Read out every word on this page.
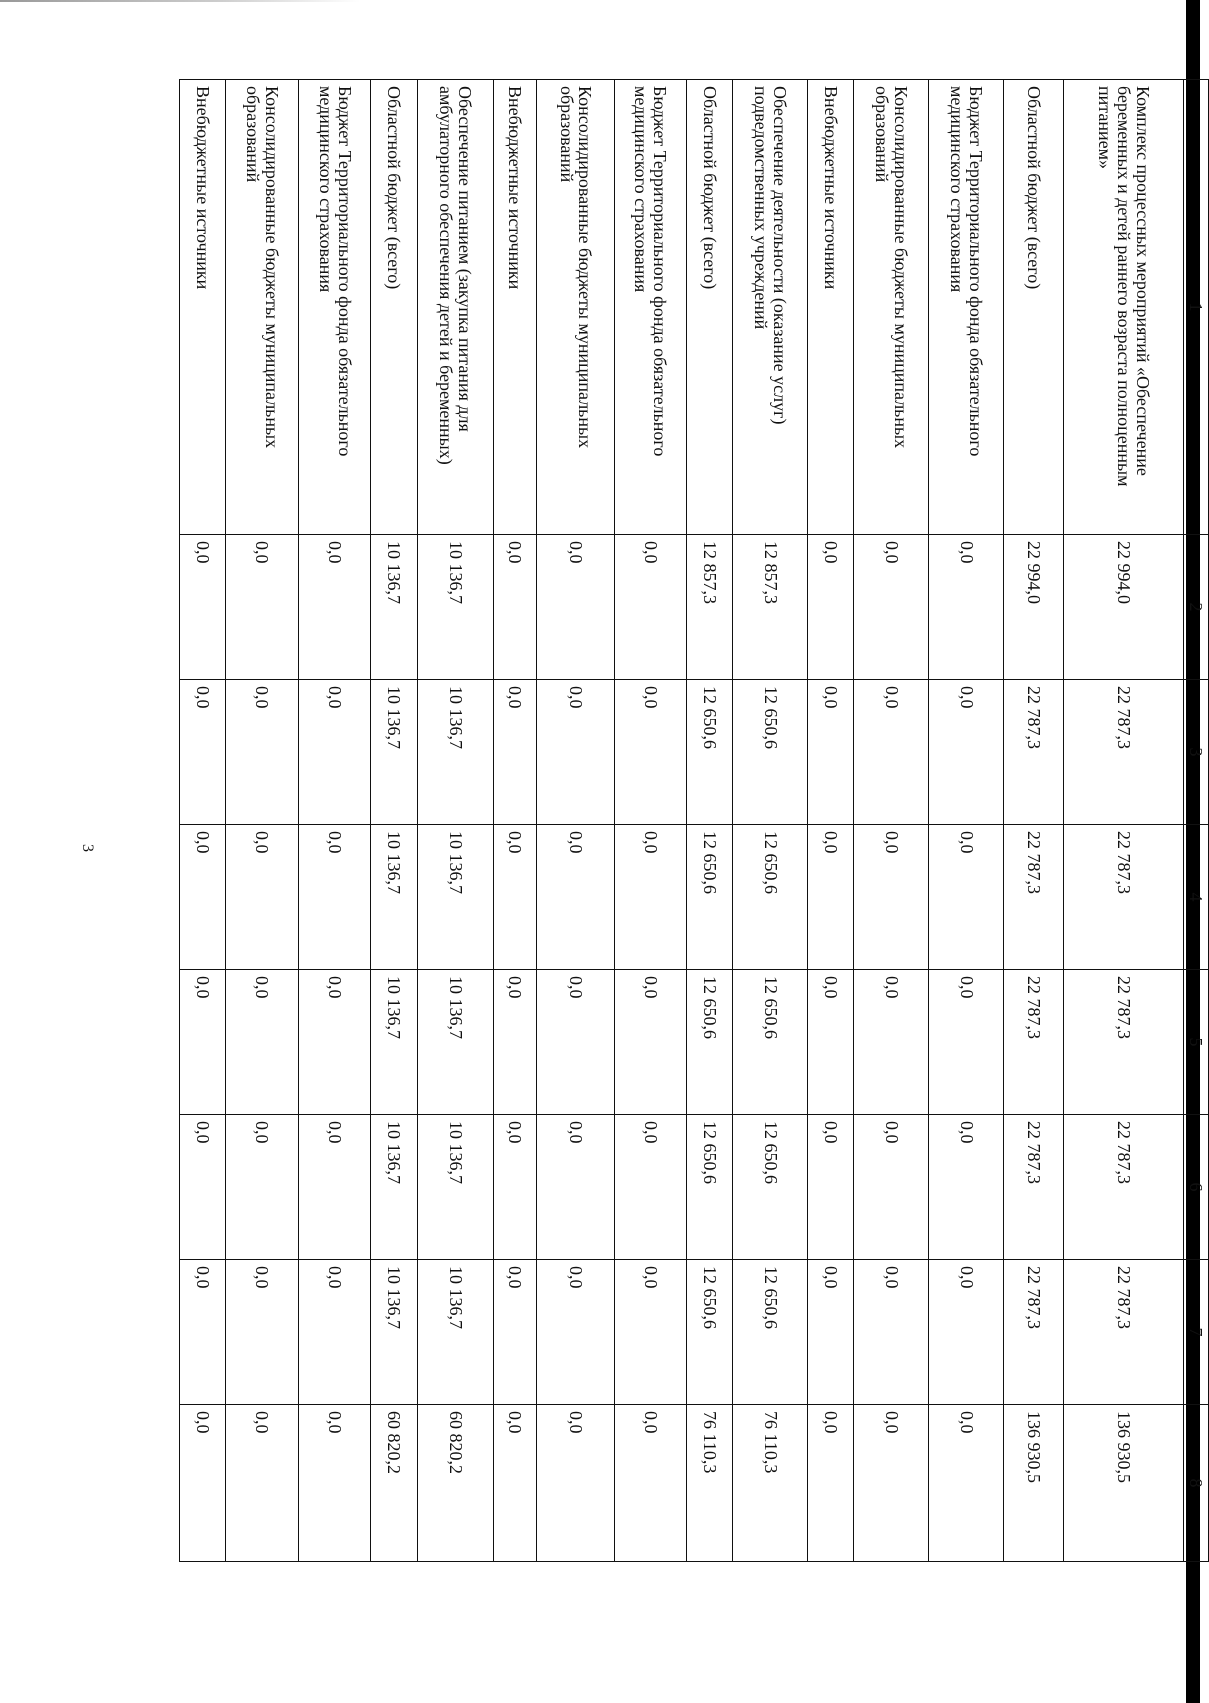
3
1	2	3	4	5	6	7	8
Комплекс процессных мероприятий «Обеспечение беременных и детей раннего возраста полноценным питанием»	22 994,0	22 787,3	22 787,3	22 787,3	22 787,3	22 787,3	136 930,5
Областной бюджет (всего)	22 994,0	22 787,3	22 787,3	22 787,3	22 787,3	22 787,3	136 930,5
Бюджет Территориального фонда обязательного медицинского страхования	0,0	0,0	0,0	0,0	0,0	0,0	0,0
Консолидированные бюджеты муниципальных образований	0,0	0,0	0,0	0,0	0,0	0,0	0,0
Внебюджетные источники	0,0	0,0	0,0	0,0	0,0	0,0	0,0
Обеспечение деятельности (оказание услуг) подведомственных учреждений	12 857,3	12 650,6	12 650,6	12 650,6	12 650,6	12 650,6	76 110,3
Областной бюджет (всего)	12 857,3	12 650,6	12 650,6	12 650,6	12 650,6	12 650,6	76 110,3
Бюджет Территориального фонда обязательного медицинского страхования	0,0	0,0	0,0	0,0	0,0	0,0	0,0
Консолидированные бюджеты муниципальных образований	0,0	0,0	0,0	0,0	0,0	0,0	0,0
Внебюджетные источники	0,0	0,0	0,0	0,0	0,0	0,0	0,0
Обеспечение питанием (закупка питания для амбулаторного обеспечения детей и беременных)	10 136,7	10 136,7	10 136,7	10 136,7	10 136,7	10 136,7	60 820,2
Областной бюджет (всего)	10 136,7	10 136,7	10 136,7	10 136,7	10 136,7	10 136,7	60 820,2
Бюджет Территориального фонда обязательного медицинского страхования	0,0	0,0	0,0	0,0	0,0	0,0	0,0
Консолидированные бюджеты муниципальных образований	0,0	0,0	0,0	0,0	0,0	0,0	0,0
Внебюджетные источники	0,0	0,0	0,0	0,0	0,0	0,0	0,0
